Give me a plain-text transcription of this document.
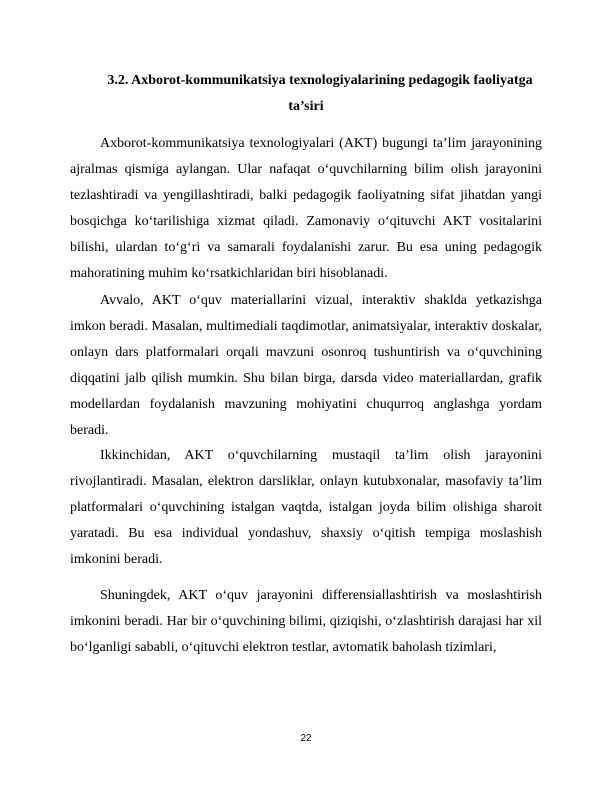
3.2. Axborot-kommunikatsiya texnologiyalarining pedagogik faoliyatga
ta’siri

Axborot-kommunikatsiya texnologiyalari (AKT) bugungi ta’lim jarayonining ajralmas qismiga aylangan. Ular nafaqat o‘quvchilarning bilim olish jarayonini tezlashtiradi va yengillashtiradi, balki pedagogik faoliyatning sifat jihatdan yangi bosqichga ko‘tarilishiga xizmat qiladi. Zamonaviy o‘qituvchi AKT vositalarini bilishi, ulardan to‘g‘ri va samarali foydalanishi zarur. Bu esa uning pedagogik mahoratining muhim ko‘rsatkichlaridan biri hisoblanadi.

Avvalo, AKT o‘quv materiallarini vizual, interaktiv shaklda yetkazishga imkon beradi. Masalan, multimediali taqdimotlar, animatsiyalar, interaktiv doskalar, onlayn dars platformalari orqali mavzuni osonroq tushuntirish va o‘quvchining diqqatini jalb qilish mumkin. Shu bilan birga, darsda video materiallardan, grafik modellardan foydalanish mavzuning mohiyatini chuqurroq anglashga yordam beradi.

Ikkinchidan, AKT o‘quvchilarning mustaqil ta’lim olish jarayonini rivojlantiradi. Masalan, elektron darsliklar, onlayn kutubxonalar, masofaviy ta’lim platformalari o‘quvchining istalgan vaqtda, istalgan joyda bilim olishiga sharoit yaratadi. Bu esa individual yondashuv, shaxsiy o‘qitish tempiga moslashish imkonini beradi.

Shuningdek, AKT o‘quv jarayonini differensiallashtirish va moslashtirish imkonini beradi. Har bir o‘quvchining bilimi, qiziqishi, o‘zlashtirish darajasi har xil bo‘lganligi sababli, o‘qituvchi elektron testlar, avtomatik baholash tizimlari,

22
